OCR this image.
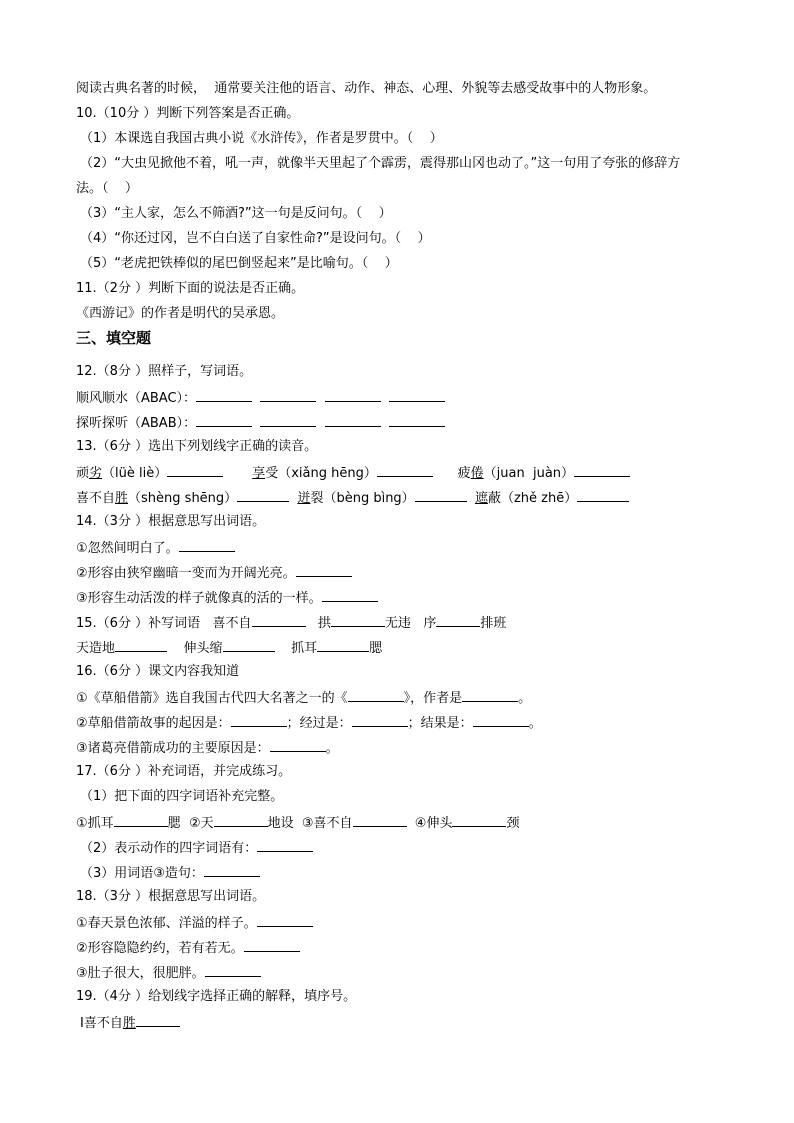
阅读古典名著的时候，  通常要关注他的语言、动作、神态、心理、外貌等去感受故事中的人物形象。
10.（10分 ）判断下列答案是否正确。
（1）本课选自我国古典小说《水浒传》，作者是罗贯中。（    ）
（2）“大虫见掀他不着，吼一声，就像半天里起了个霹雳，震得那山冈也动了。”这一句用了夸张的修辞方
法。（    ）
（3）“主人家，怎么不筛酒?”这一句是反问句。（    ）
（4）“你还过冈，岂不白白送了自家性命?”是设问句。（    ）
（5）“老虎把铁棒似的尾巴倒竖起来”是比喻句。（    ）
11.（2分 ）判断下面的说法是否正确。
《西游记》的作者是明代的吴承恩。
三、填空题
12.（8分 ）照样子，写词语。
顺风顺水（ABAC）：
探听探听（ABAB）：
13.（6分 ）选出下列划线字正确的读音。
顽劣（lüè liè）	享受（xiǎng hēng）	疲倦（juan  juàn）
喜不自胜（shèng shēng）	迸裂（bèng bìng）	遮蔽（zhě zhē）
14.（3分 ）根据意思写出词语。
①忽然间明白了。
②形容由狭窄幽暗一变而为开阔光亮。
③形容生动活泼的样子就像真的活的一样。
15.（6分 ）补写词语 喜不自	拱	无违 序	排班
天造地	伸头缩	抓耳	腮
16.（6分 ）课文内容我知道
①《草船借箭》选自我国古代四大名著之一的《	》，作者是	。
②草船借箭故事的起因是：	；经过是：	；结果是：	。
③诸葛亮借箭成功的主要原因是：	。
17.（6分 ）补充词语，并完成练习。
（1）把下面的四字词语补充完整。
①抓耳	腮 ②天	地设 ③喜不自	④伸头	颈
（2）表示动作的四字词语有：
（3）用词语③造句：
18.（3分 ）根据意思写出词语。
①春天景色浓郁、洋溢的样子。
②形容隐隐约约，若有若无。
③肚子很大，很肥胖。
19.（4分 ）给划线字选择正确的解释，填序号。
Ⅰ喜不自胜
